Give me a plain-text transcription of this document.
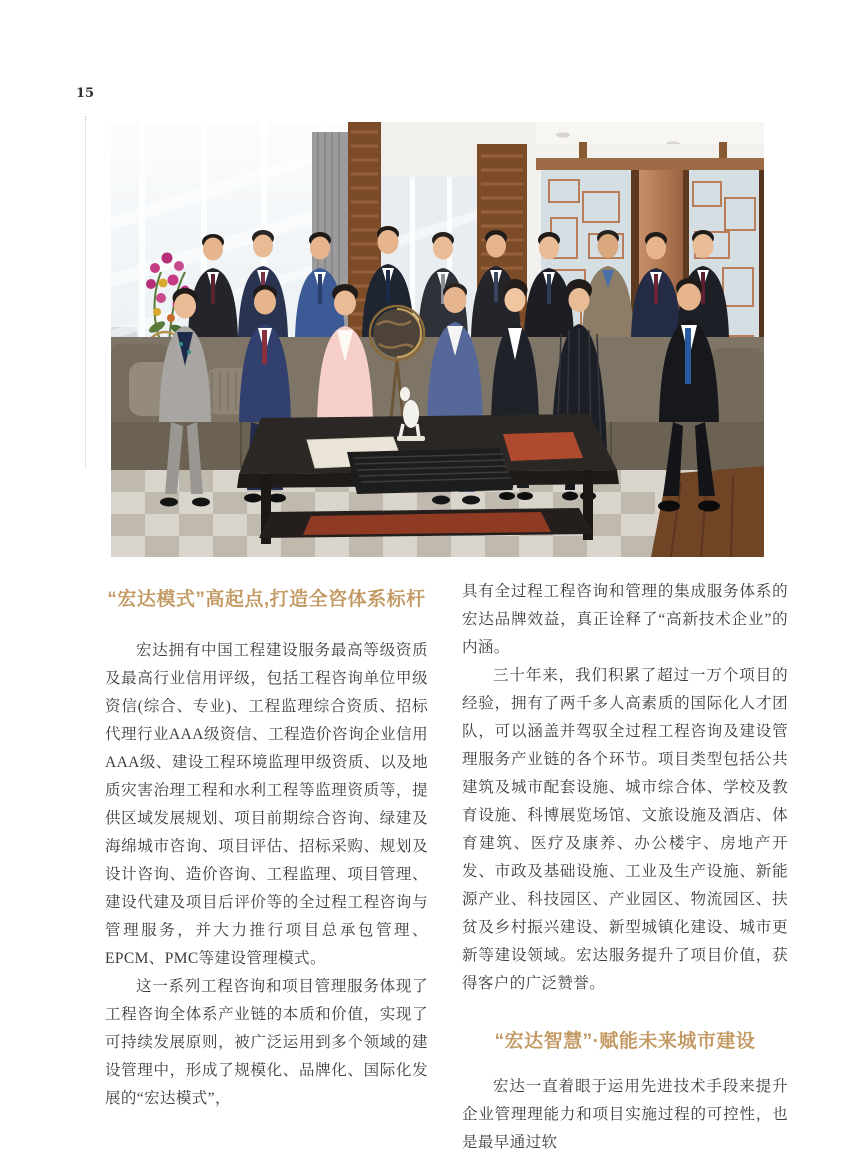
15
“宏达模式”高起点,打造全咨体系标杆

宏达拥有中国工程建设服务最高等级资质及最高行业信用评级，包括工程咨询单位甲级资信(综合、专业)、工程监理综合资质、招标代理行业AAA级资信、工程造价咨询企业信用AAA级、建设工程环境监理甲级资质、以及地质灾害治理工程和水利工程等监理资质等，提供区域发展规划、项目前期综合咨询、绿建及海绵城市咨询、项目评估、招标采购、规划及设计咨询、造价咨询、工程监理、项目管理、建设代建及项目后评价等的全过程工程咨询与管理服务，并大力推行项目总承包管理、EPCM、PMC等建设管理模式。

这一系列工程咨询和项目管理服务体现了工程咨询全体系产业链的本质和价值，实现了可持续发展原则，被广泛运用到多个领域的建设管理中，形成了规模化、品牌化、国际化发展的“宏达模式”，

具有全过程工程咨询和管理的集成服务体系的宏达品牌效益，真正诠释了“高新技术企业”的内涵。

三十年来，我们积累了超过一万个项目的经验，拥有了两千多人高素质的国际化人才团队，可以涵盖并驾驭全过程工程咨询及建设管理服务产业链的各个环节。项目类型包括公共建筑及城市配套设施、城市综合体、学校及教育设施、科博展览场馆、文旅设施及酒店、体育建筑、医疗及康养、办公楼宇、房地产开发、市政及基础设施、工业及生产设施、新能源产业、科技园区、产业园区、物流园区、扶贫及乡村振兴建设、新型城镇化建设、城市更新等建设领域。宏达服务提升了项目价值，获得客户的广泛赞誉。

“宏达智慧”·赋能未来城市建设

宏达一直着眼于运用先进技术手段来提升企业管理理能力和项目实施过程的可控性，也是最早通过软
